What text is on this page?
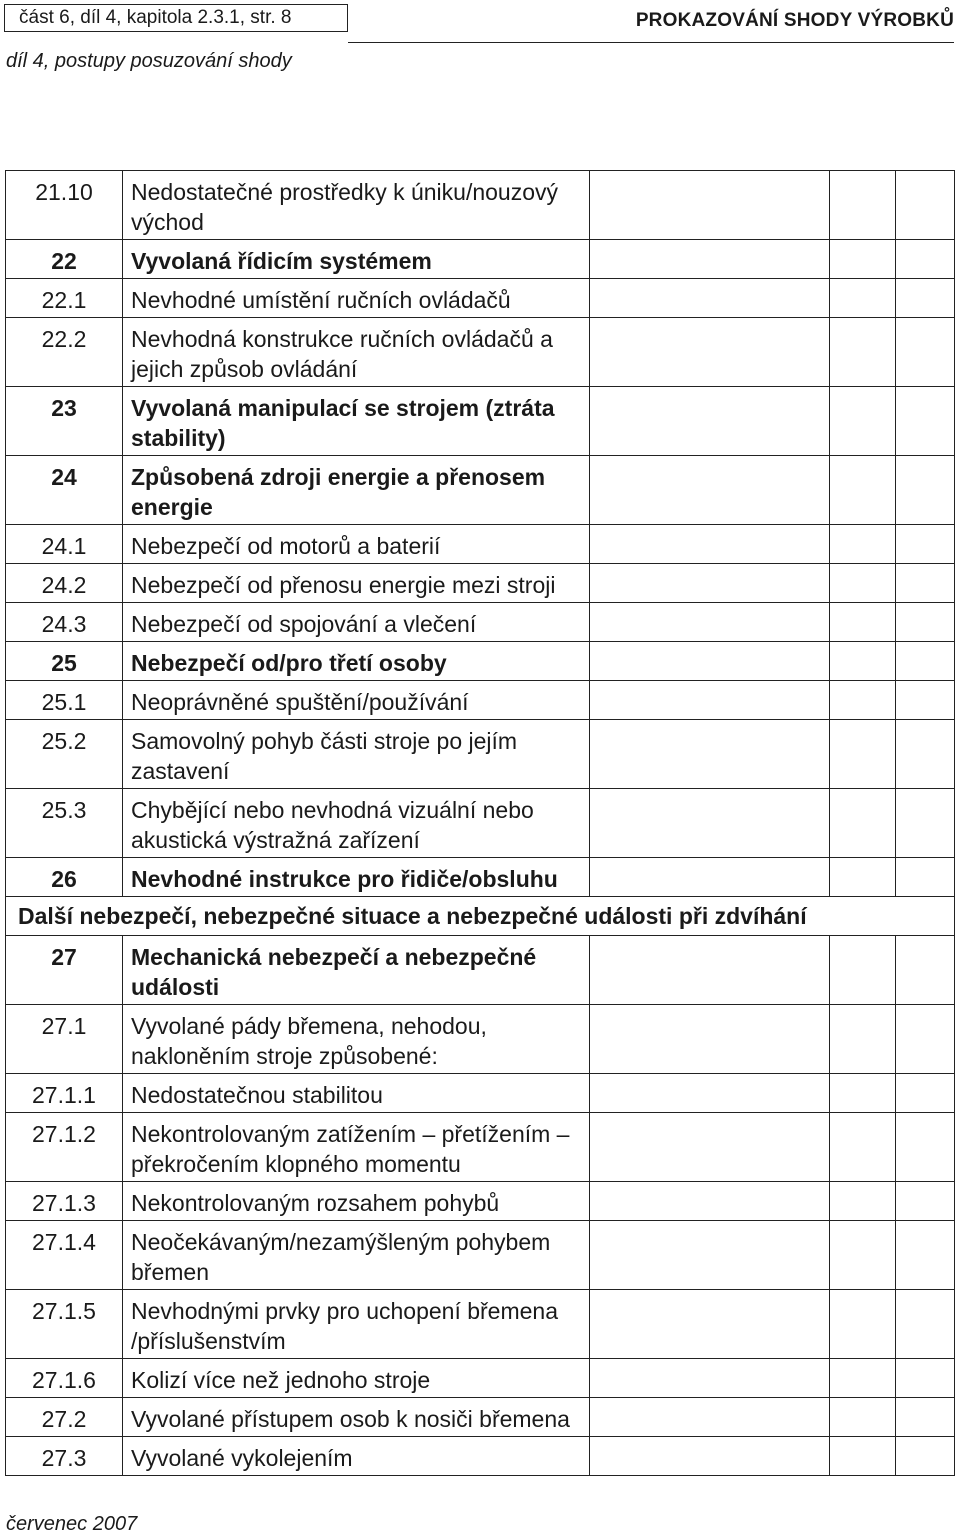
část 6, díl 4, kapitola 2.3.1, str. 8	PROKAZOVÁNÍ SHODY VÝROBKŮ
díl 4, postupy posuzování shody
21.10	Nedostatečné prostředky k úniku/nouzový východ			
22	Vyvolaná řídicím systémem			
22.1	Nevhodné umístění ručních ovládačů			
22.2	Nevhodná konstrukce ručních ovládačů a jejich způsob ovládání			
23	Vyvolaná manipulací se strojem (ztráta stability)			
24	Způsobená zdroji energie a přenosem energie			
24.1	Nebezpečí od motorů a baterií			
24.2	Nebezpečí od přenosu energie mezi stroji			
24.3	Nebezpečí od spojování a vlečení			
25	Nebezpečí od/pro třetí osoby			
25.1	Neoprávněné spuštění/používání			
25.2	Samovolný pohyb části stroje po jejím zastavení			
25.3	Chybějící nebo nevhodná vizuální nebo akustická výstražná zařízení			
26	Nevhodné instrukce pro řidiče/obsluhu			
Další nebezpečí, nebezpečné situace a nebezpečné události při zdvíhání				
27	Mechanická nebezpečí a nebezpečné události			
27.1	Vyvolané pády břemena, nehodou, nakloněním stroje způsobené:			
27.1.1	Nedostatečnou stabilitou			
27.1.2	Nekontrolovaným zatížením – přetížením – překročením klopného momentu			
27.1.3	Nekontrolovaným rozsahem pohybů			
27.1.4	Neočekávaným/nezamýšleným pohybem břemen			
27.1.5	Nevhodnými prvky pro uchopení břemena /příslušenstvím			
27.1.6	Kolizí více než jednoho stroje			
27.2	Vyvolané přístupem osob k nosiči břemena			
27.3	Vyvolané vykolejením			
červenec 2007
